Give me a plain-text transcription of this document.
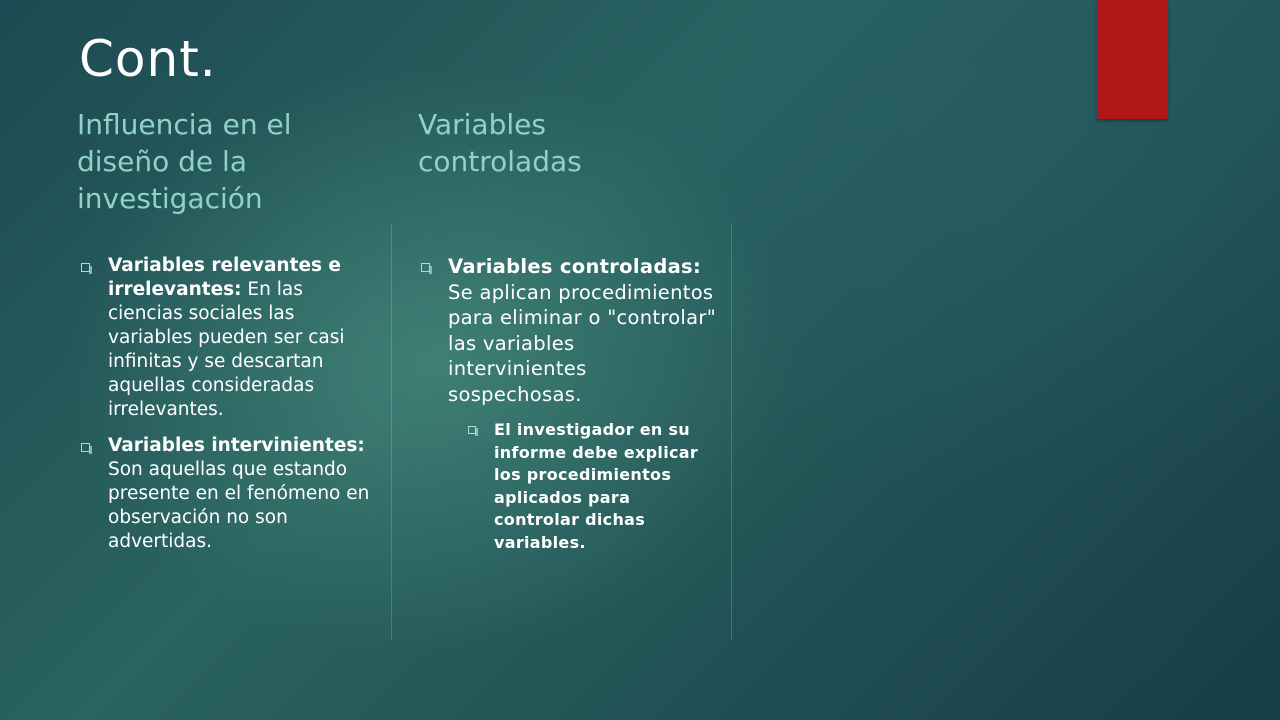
Cont.
Influencia en el diseño de la investigación
Variables controladas
Variables relevantes e irrelevantes: En las ciencias sociales las variables pueden ser casi infinitas y se descartan aquellas consideradas irrelevantes.
Variables intervinientes: Son aquellas que estando presente en el fenómeno en observación no son advertidas.
Variables controladas: Se aplican procedimientos para eliminar o "controlar" las variables intervinientes sospechosas.
El investigador en su informe debe explicar los procedimientos aplicados para controlar dichas variables.
